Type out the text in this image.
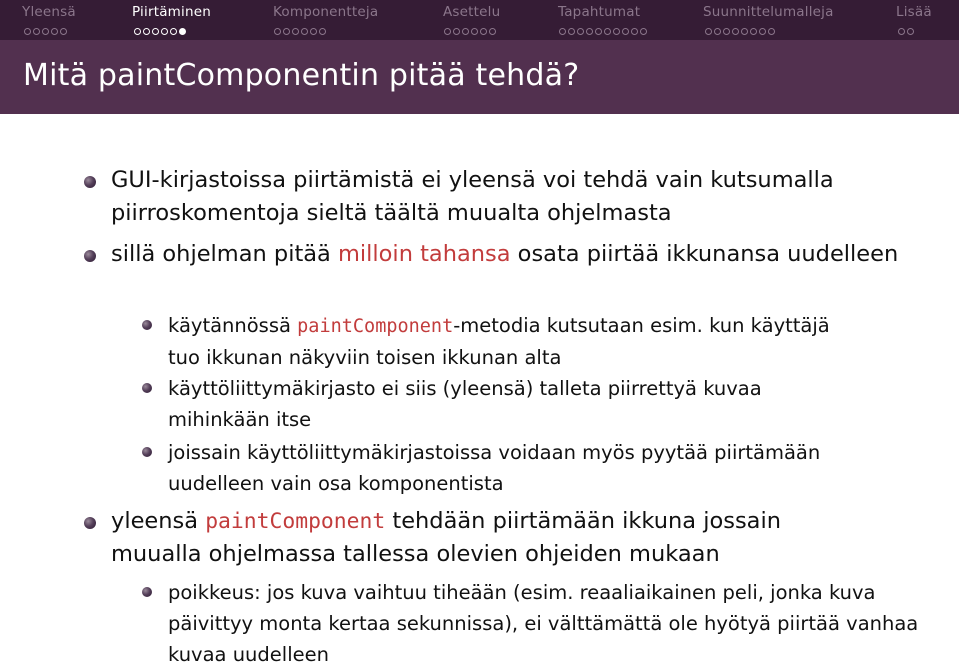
Yleensä	Piirtäminen	Komponentteja	Asettelu	Tapahtumat	Suunnittelumalleja	Lisää
Mitä paintComponentin pitää tehdä?
GUI-kirjastoissa piirtämistä ei yleensä voi tehdä vain kutsumalla piirroskomentoja sieltä täältä muualta ohjelmasta
sillä ohjelman pitää milloin tahansa osata piirtää ikkunansa uudelleen
käytännössä paintComponent-metodia kutsutaan esim. kun käyttäjä tuo ikkunan näkyviin toisen ikkunan alta
käyttöliittymäkirjasto ei siis (yleensä) talleta piirrettyä kuvaa mihinkään itse
joissain käyttöliittymäkirjastoissa voidaan myös pyytää piirtämään uudelleen vain osa komponentista
yleensä paintComponent tehdään piirtämään ikkuna jossain muualla ohjelmassa tallessa olevien ohjeiden mukaan
poikkeus: jos kuva vaihtuu tiheään (esim. reaaliaikainen peli, jonka kuva päivittyy monta kertaa sekunnissa), ei välttämättä ole hyötyä piirtää vanhaa kuvaa uudelleen
